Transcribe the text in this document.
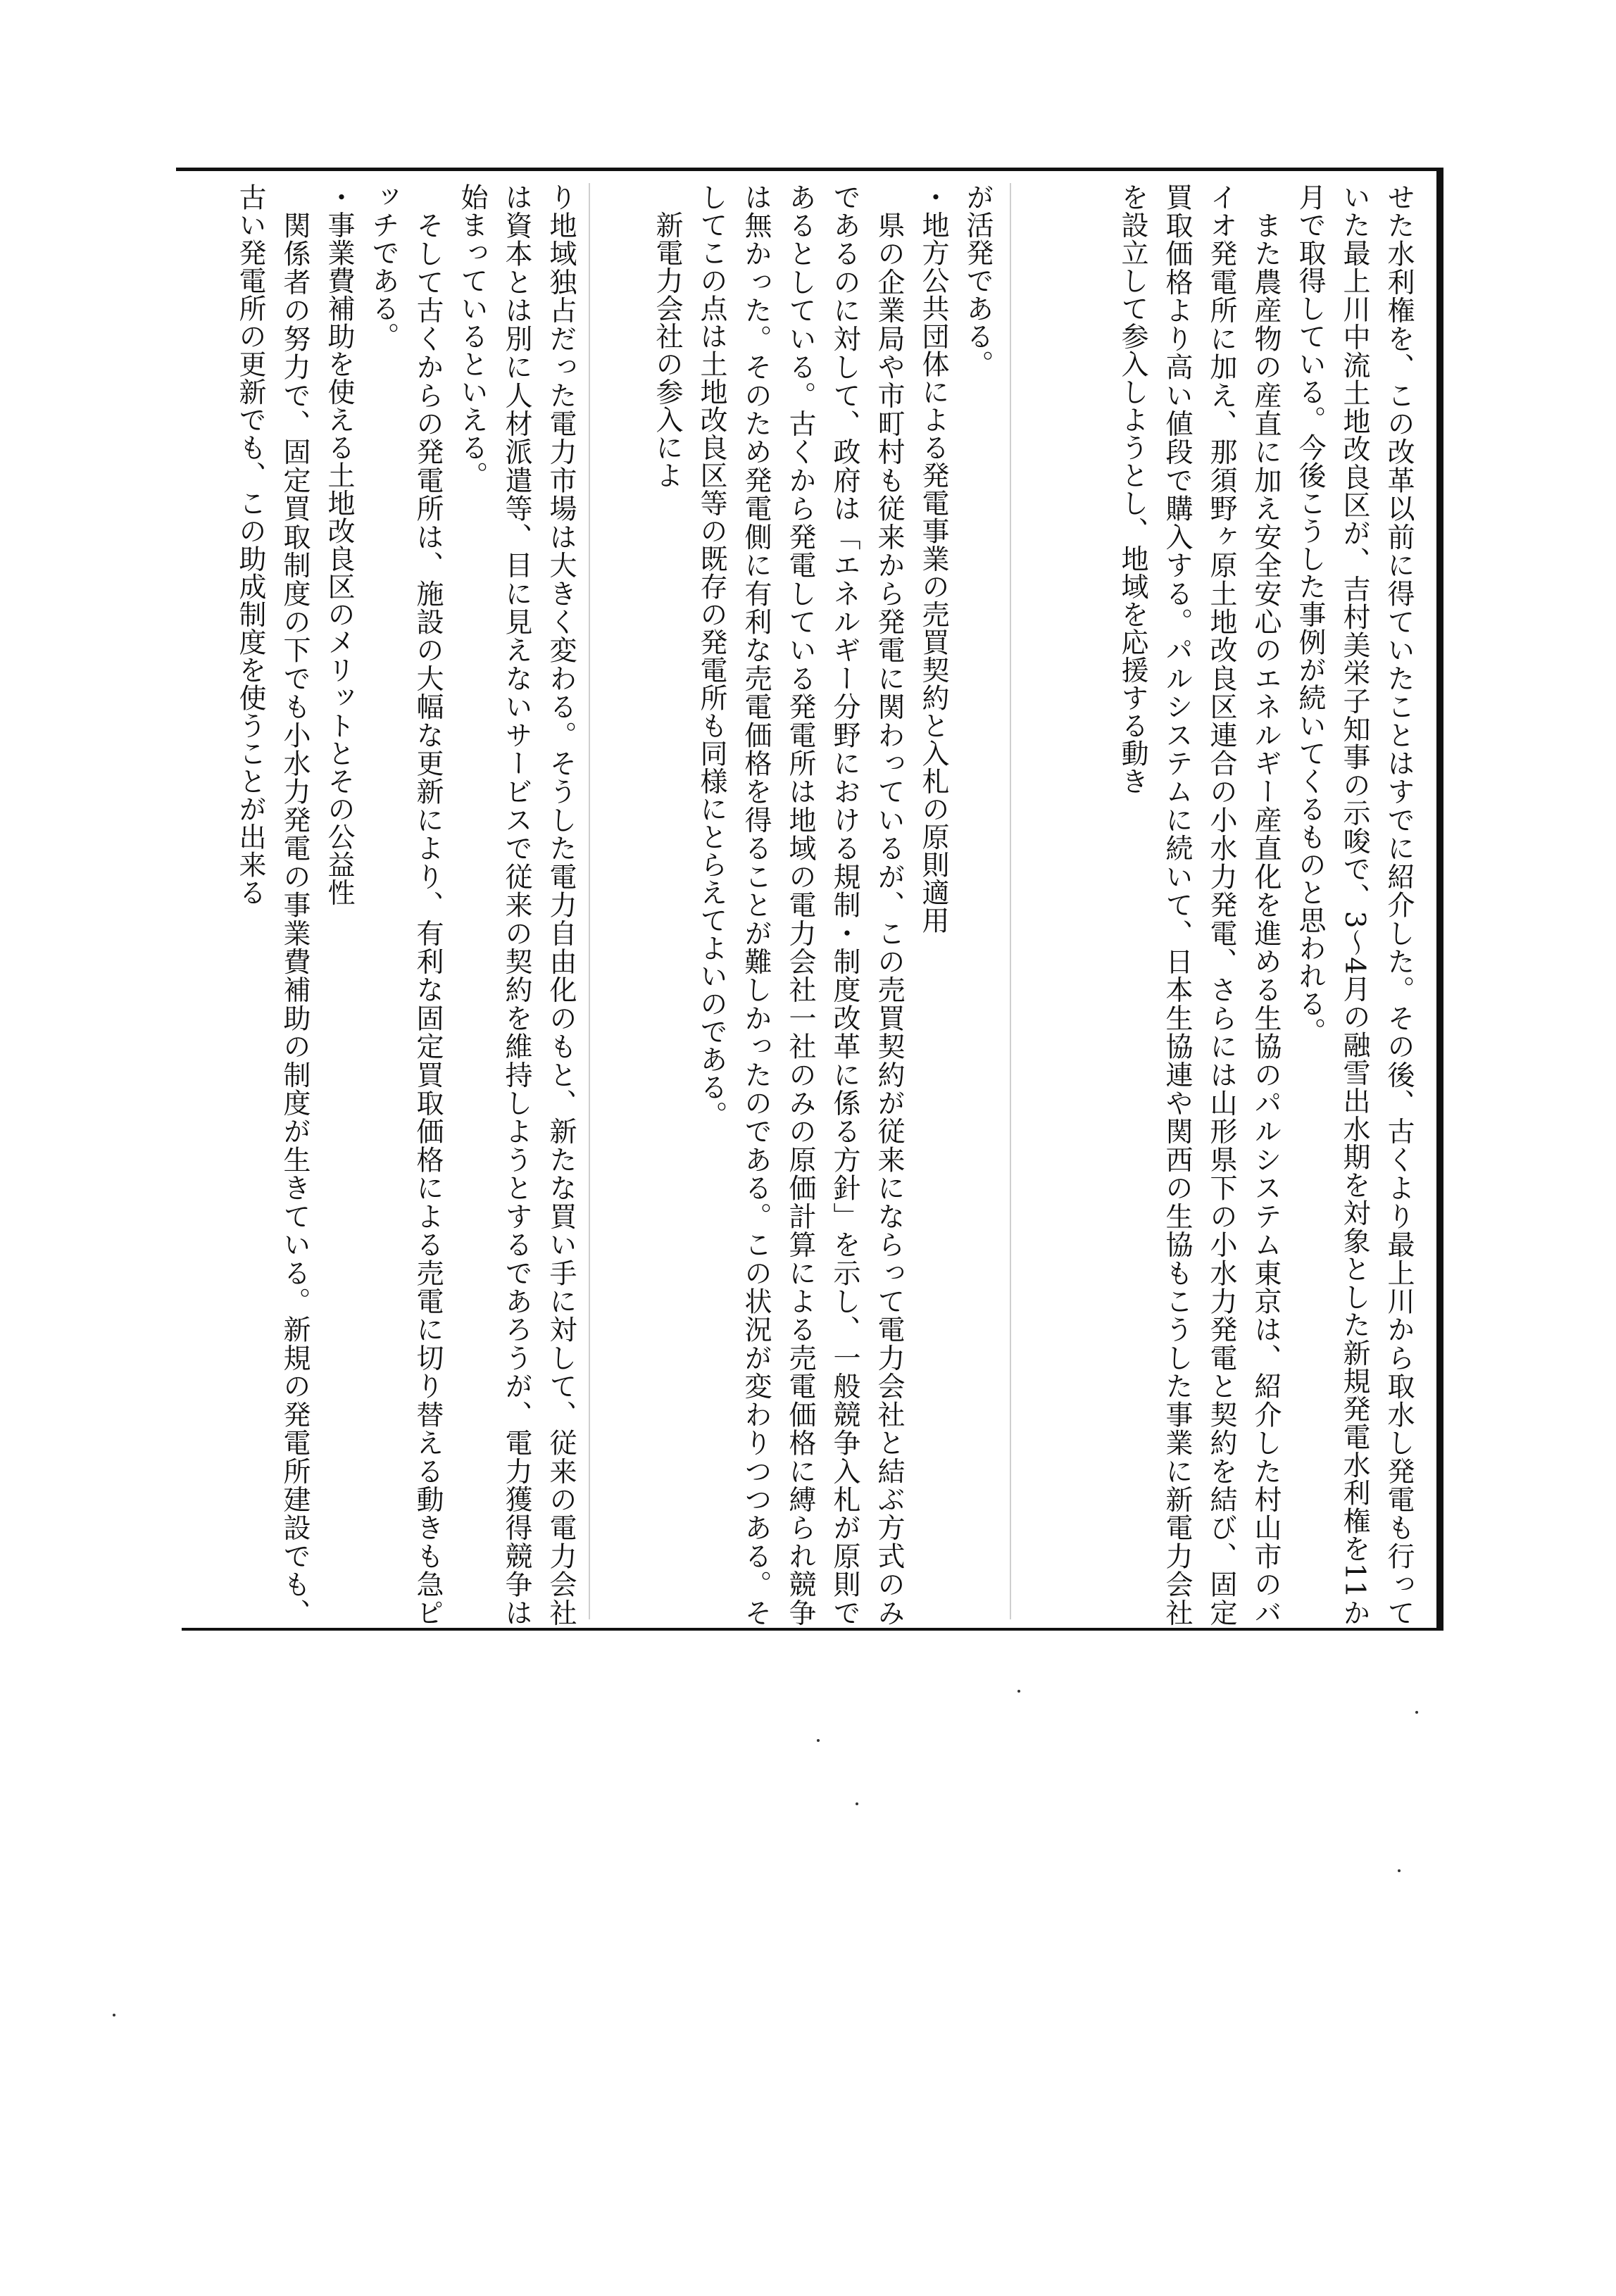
せた水利権を、この改革以前に得ていたことはすでに紹介した。その後、古くより最上川から取水し発電も行っていた最上川中流土地改良区が、吉村美栄子知事の示唆で、3～4月の融雪出水期を対象とした新規発電水利権を11か月で取得している。今後こうした事例が続いてくるものと思われる。
　また農産物の産直に加え安全安心のエネルギー産直化を進める生協のパルシステム東京は、紹介した村山市のバイオ発電所に加え、那須野ヶ原土地改良区連合の小水力発電、さらには山形県下の小水力発電と契約を結び、固定買取価格より高い値段で購入する。パルシステムに続いて、日本生協連や関西の生協もこうした事業に新電力会社を設立して参入しようとし、地域を応援する動き
が活発である。
・地方公共団体による発電事業の売買契約と入札の原則適用
　県の企業局や市町村も従来から発電に関わっているが、この売買契約が従来にならって電力会社と結ぶ方式のみであるのに対して、政府は「エネルギー分野における規制・制度改革に係る方針」を示し、一般競争入札が原則であるとしている。古くから発電している発電所は地域の電力会社一社のみの原価計算による売電価格に縛られ競争は無かった。そのため発電側に有利な売電価格を得ることが難しかったのである。この状況が変わりつつある。そしてこの点は土地改良区等の既存の発電所も同様にとらえてよいのである。
　新電力会社の参入によ
り地域独占だった電力市場は大きく変わる。そうした電力自由化のもと、新たな買い手に対して、従来の電力会社は資本とは別に人材派遣等、目に見えないサービスで従来の契約を維持しようとするであろうが、電力獲得競争は始まっているといえる。
　そして古くからの発電所は、施設の大幅な更新により、有利な固定買取価格による売電に切り替える動きも急ピッチである。
・事業費補助を使える土地改良区のメリットとその公益性
　関係者の努力で、固定買取制度の下でも小水力発電の事業費補助の制度が生きている。新規の発電所建設でも、古い発電所の更新でも、この助成制度を使うことが出来る
